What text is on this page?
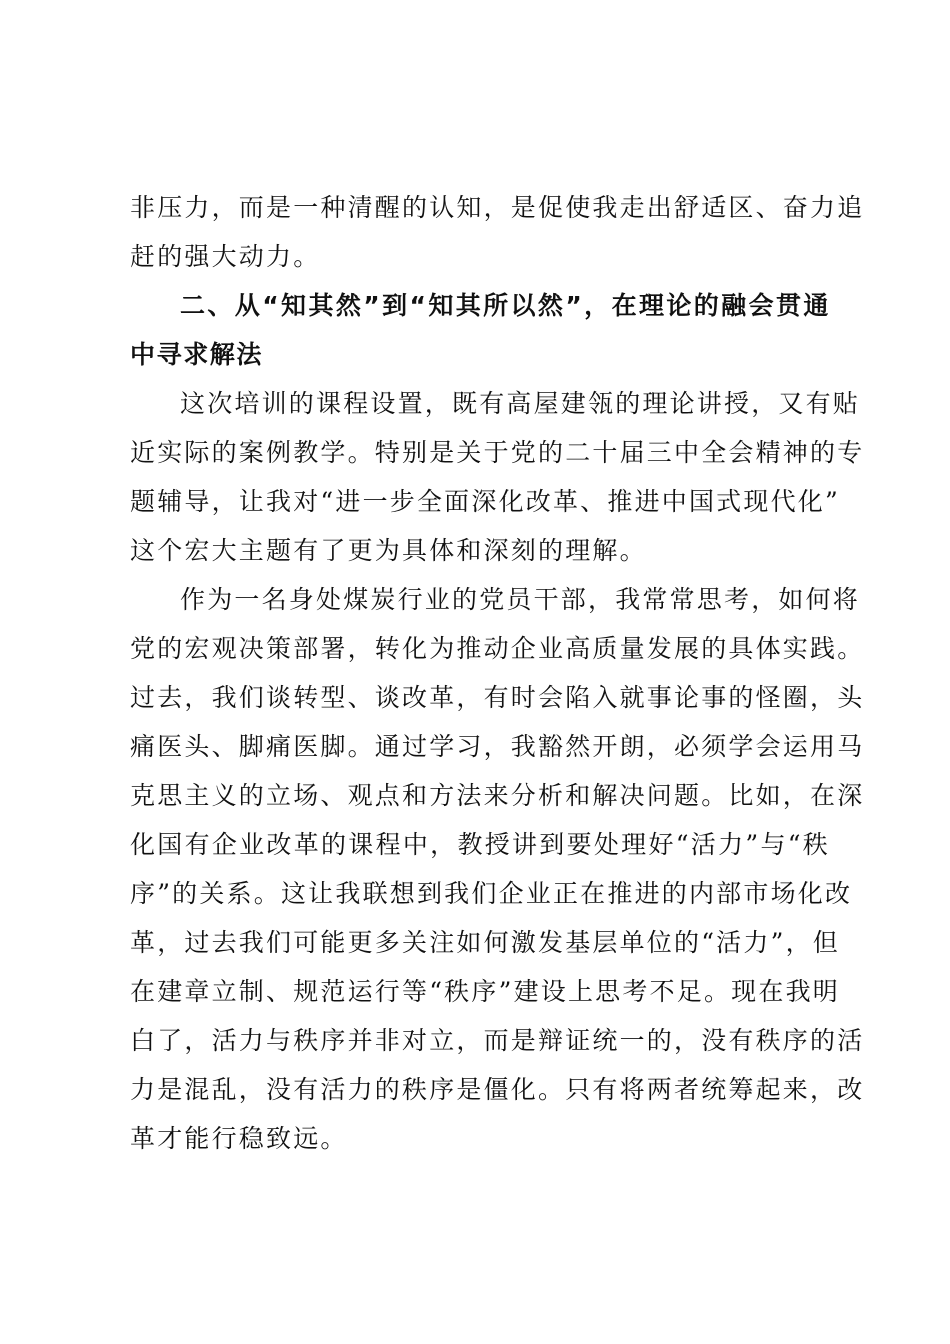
非压力，而是一种清醒的认知，是促使我走出舒适区、奋力追
赶的强大动力。
二、从“知其然”到“知其所以然”，在理论的融会贯通
中寻求解法
这次培训的课程设置，既有高屋建瓴的理论讲授，又有贴
近实际的案例教学。特别是关于党的二十届三中全会精神的专
题辅导，让我对“进一步全面深化改革、推进中国式现代化”
这个宏大主题有了更为具体和深刻的理解。
作为一名身处煤炭行业的党员干部，我常常思考，如何将
党的宏观决策部署，转化为推动企业高质量发展的具体实践。
过去，我们谈转型、谈改革，有时会陷入就事论事的怪圈，头
痛医头、脚痛医脚。通过学习，我豁然开朗，必须学会运用马
克思主义的立场、观点和方法来分析和解决问题。比如，在深
化国有企业改革的课程中，教授讲到要处理好“活力”与“秩
序”的关系。这让我联想到我们企业正在推进的内部市场化改
革，过去我们可能更多关注如何激发基层单位的“活力”，但
在建章立制、规范运行等“秩序”建设上思考不足。现在我明
白了，活力与秩序并非对立，而是辩证统一的，没有秩序的活
力是混乱，没有活力的秩序是僵化。只有将两者统筹起来，改
革才能行稳致远。
